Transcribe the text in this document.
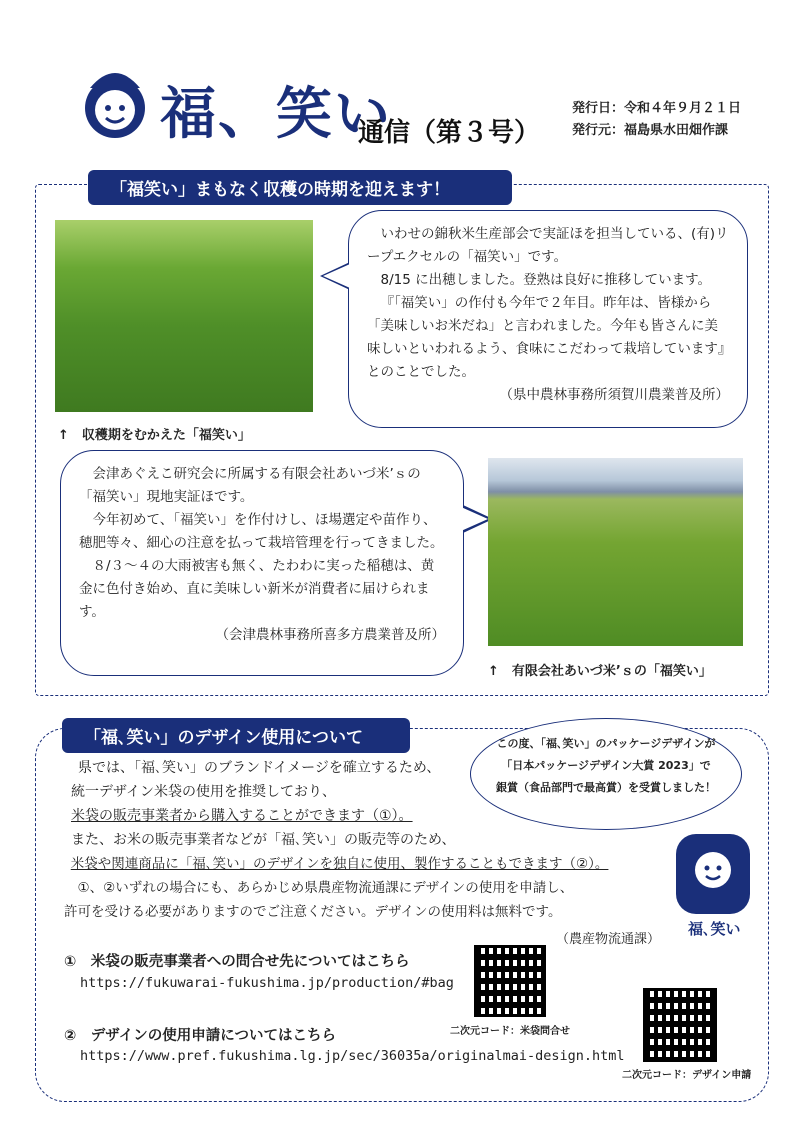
福、笑い
通信（第３号）
発行日：令和４年９月２１日
発行元：福島県水田畑作課
「福笑い」まもなく収穫の時期を迎えます！
↑　収穫期をむかえた「福笑い」

いわせの錦秋米生産部会で実証ほを担当している、(有)リープエクセルの「福笑い」です。

8/15 に出穂しました。登熟は良好に推移しています。

『「福笑い」の作付も今年で２年目。昨年は、皆様から「美味しいお米だね」と言われました。今年も皆さんに美味しいといわれるよう、食味にこだわって栽培しています』とのことでした。

（県中農林事務所須賀川農業普及所）

会津あぐえこ研究会に所属する有限会社あいづ米’ｓの「福笑い」現地実証ほです。

今年初めて、「福笑い」を作付けし、ほ場選定や苗作り、穂肥等々、細心の注意を払って栽培管理を行ってきました。

８/３～４の大雨被害も無く、たわわに実った稲穂は、黄金に色付き始め、直に美味しい新米が消費者に届けられます。

（会津農林事務所喜多方農業普及所）

↑　有限会社あいづ米’ｓの「福笑い」
「福､笑い」のデザイン使用について	この度、「福､笑い」のパッケージデザインが
「日本パッケージデザイン大賞 2023」で
銀賞（食品部門で最高賞）を受賞しました！
県では、「福､笑い」のブランドイメージを確立するため、
統一デザイン米袋の使用を推奨しており、
米袋の販売事業者から購入することができます（①）。
また、お米の販売事業者などが「福､笑い」の販売等のため、
米袋や関連商品に「福､笑い」のデザインを独自に使用、製作することもできます（②）。
①、②いずれの場合にも、あらかじめ県農産物流通課にデザインの使用を申請し、
許可を受ける必要がありますのでご注意ください。デザインの使用料は無料です。
（農産物流通課）
福､笑い
①　米袋の販売事業者への問合せ先についてはこちら
https://fukuwarai-fukushima.jp/production/#bag
二次元コード：米袋問合せ
②　デザインの使用申請についてはこちら
https://www.pref.fukushima.lg.jp/sec/36035a/originalmai-design.html
二次元コード：デザイン申請
